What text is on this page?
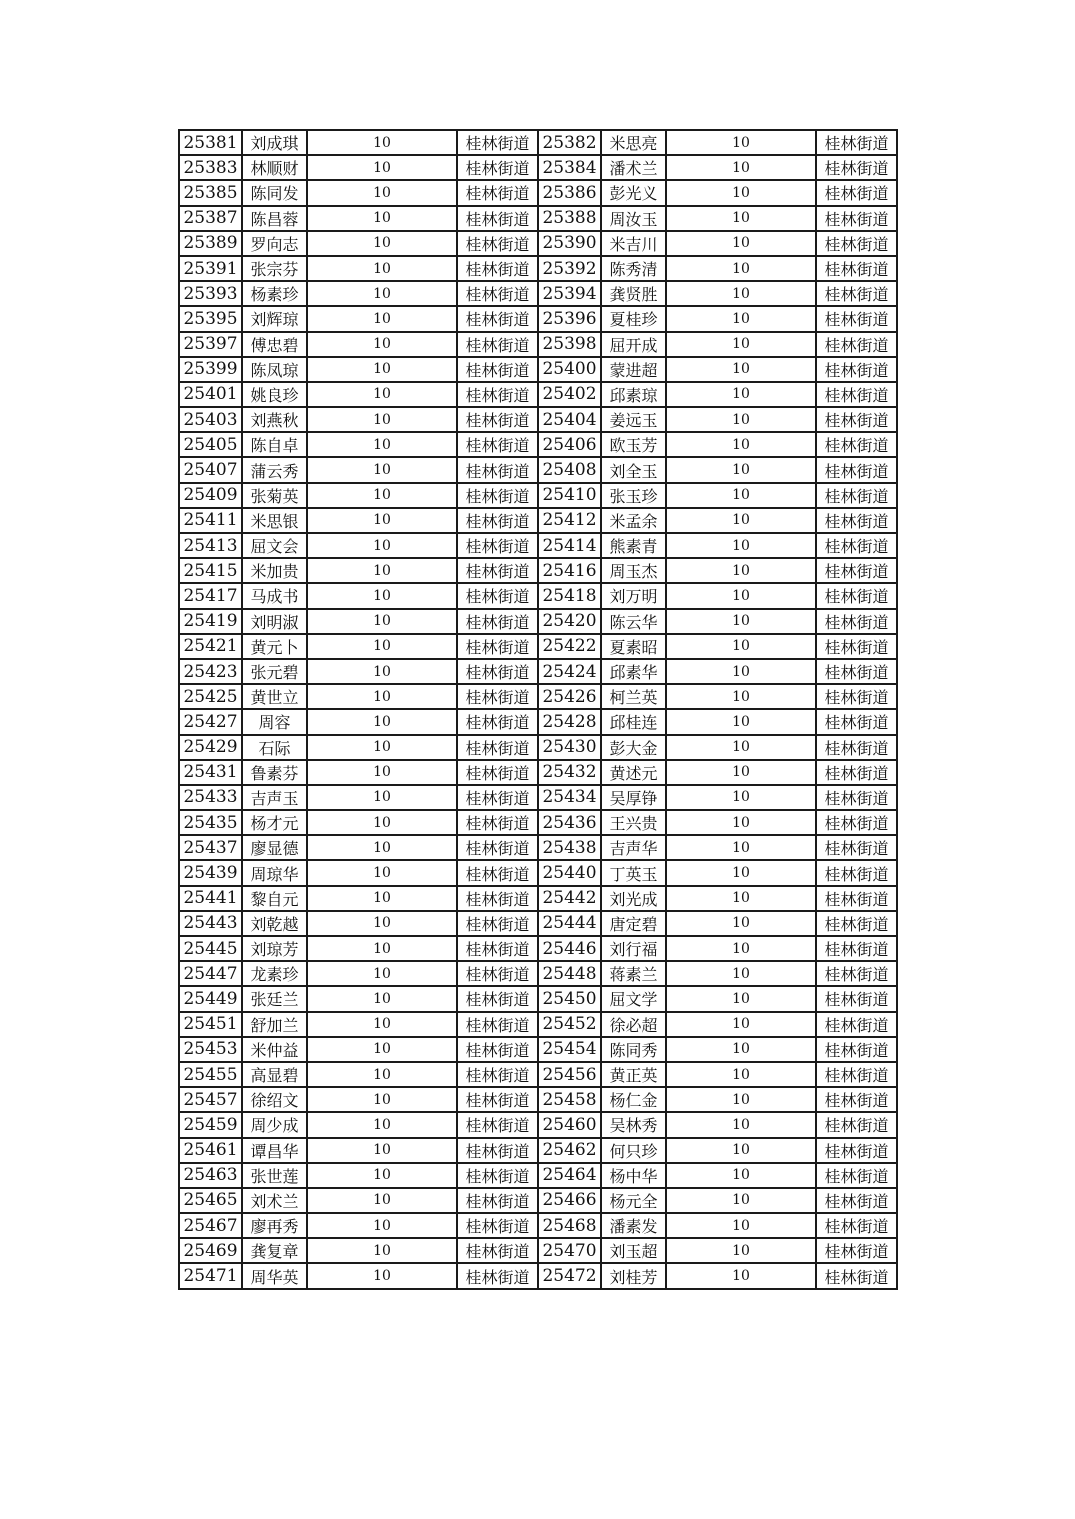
25381	刘成琪	10	桂林街道	25382	米思亮	10	桂林街道
25383	林顺财	10	桂林街道	25384	潘术兰	10	桂林街道
25385	陈同发	10	桂林街道	25386	彭光义	10	桂林街道
25387	陈昌蓉	10	桂林街道	25388	周汝玉	10	桂林街道
25389	罗向志	10	桂林街道	25390	米吉川	10	桂林街道
25391	张宗芬	10	桂林街道	25392	陈秀清	10	桂林街道
25393	杨素珍	10	桂林街道	25394	龚贤胜	10	桂林街道
25395	刘辉琼	10	桂林街道	25396	夏桂珍	10	桂林街道
25397	傅忠碧	10	桂林街道	25398	屈开成	10	桂林街道
25399	陈凤琼	10	桂林街道	25400	蒙进超	10	桂林街道
25401	姚良珍	10	桂林街道	25402	邱素琼	10	桂林街道
25403	刘燕秋	10	桂林街道	25404	姜远玉	10	桂林街道
25405	陈自卓	10	桂林街道	25406	欧玉芳	10	桂林街道
25407	蒲云秀	10	桂林街道	25408	刘全玉	10	桂林街道
25409	张菊英	10	桂林街道	25410	张玉珍	10	桂林街道
25411	米思银	10	桂林街道	25412	米孟余	10	桂林街道
25413	屈文会	10	桂林街道	25414	熊素青	10	桂林街道
25415	米加贵	10	桂林街道	25416	周玉杰	10	桂林街道
25417	马成书	10	桂林街道	25418	刘万明	10	桂林街道
25419	刘明淑	10	桂林街道	25420	陈云华	10	桂林街道
25421	黄元卜	10	桂林街道	25422	夏素昭	10	桂林街道
25423	张元碧	10	桂林街道	25424	邱素华	10	桂林街道
25425	黄世立	10	桂林街道	25426	柯兰英	10	桂林街道
25427	周容	10	桂林街道	25428	邱桂连	10	桂林街道
25429	石际	10	桂林街道	25430	彭大金	10	桂林街道
25431	鲁素芬	10	桂林街道	25432	黄述元	10	桂林街道
25433	吉声玉	10	桂林街道	25434	吴厚铮	10	桂林街道
25435	杨才元	10	桂林街道	25436	王兴贵	10	桂林街道
25437	廖显德	10	桂林街道	25438	吉声华	10	桂林街道
25439	周琼华	10	桂林街道	25440	丁英玉	10	桂林街道
25441	黎自元	10	桂林街道	25442	刘光成	10	桂林街道
25443	刘乾越	10	桂林街道	25444	唐定碧	10	桂林街道
25445	刘琼芳	10	桂林街道	25446	刘行福	10	桂林街道
25447	龙素珍	10	桂林街道	25448	蒋素兰	10	桂林街道
25449	张廷兰	10	桂林街道	25450	屈文学	10	桂林街道
25451	舒加兰	10	桂林街道	25452	徐必超	10	桂林街道
25453	米仲益	10	桂林街道	25454	陈同秀	10	桂林街道
25455	高显碧	10	桂林街道	25456	黄正英	10	桂林街道
25457	徐绍文	10	桂林街道	25458	杨仁金	10	桂林街道
25459	周少成	10	桂林街道	25460	吴林秀	10	桂林街道
25461	谭昌华	10	桂林街道	25462	何只珍	10	桂林街道
25463	张世莲	10	桂林街道	25464	杨中华	10	桂林街道
25465	刘术兰	10	桂林街道	25466	杨元全	10	桂林街道
25467	廖再秀	10	桂林街道	25468	潘素发	10	桂林街道
25469	龚复章	10	桂林街道	25470	刘玉超	10	桂林街道
25471	周华英	10	桂林街道	25472	刘桂芳	10	桂林街道
